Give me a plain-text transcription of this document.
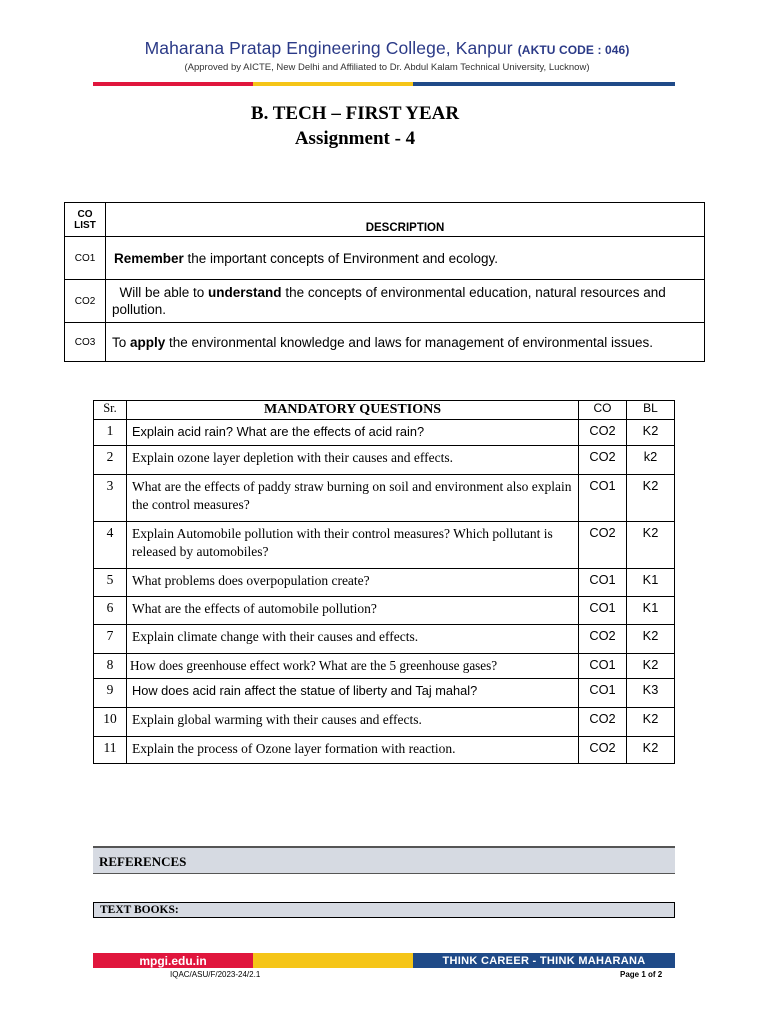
Maharana Pratap Engineering College, Kanpur (AKTU CODE : 046)
(Approved by AICTE, New Delhi and Affiliated to Dr. Abdul Kalam Technical University, Lucknow)
B. TECH – FIRST YEAR
Assignment - 4
CO
LIST	DESCRIPTION
CO1	Remember the important concepts of Environment and ecology.
CO2	Will be able to understand the concepts of environmental education, natural resources and pollution.
CO3	To apply the environmental knowledge and laws for management of environmental issues.
Sr.	MANDATORY QUESTIONS	CO	BL
1	Explain acid rain? What are the effects of acid rain?	CO2	K2
2	Explain ozone layer depletion with their causes and effects.	CO2	k2
3	What are the effects of paddy straw burning on soil and environment also explain the control measures?	CO1	K2
4	Explain Automobile pollution with their control measures? Which pollutant is released by automobiles?	CO2	K2
5	What problems does overpopulation create?	CO1	K1
6	What are the effects of automobile pollution?	CO1	K1
7	Explain climate change with their causes and effects.	CO2	K2
8	How does greenhouse effect work? What are the 5 greenhouse gases?	CO1	K2
9	How does acid rain affect the statue of liberty and Taj mahal?	CO1	K3
10	Explain global warming with their causes and effects.	CO2	K2
11	Explain the process of Ozone layer formation with reaction.	CO2	K2
REFERENCES
TEXT BOOKS:
mpgi.edu.in	THINK CAREER - THINK MAHARANA
IQAC/ASU/F/2023-24/2.1	Page 1 of 2
